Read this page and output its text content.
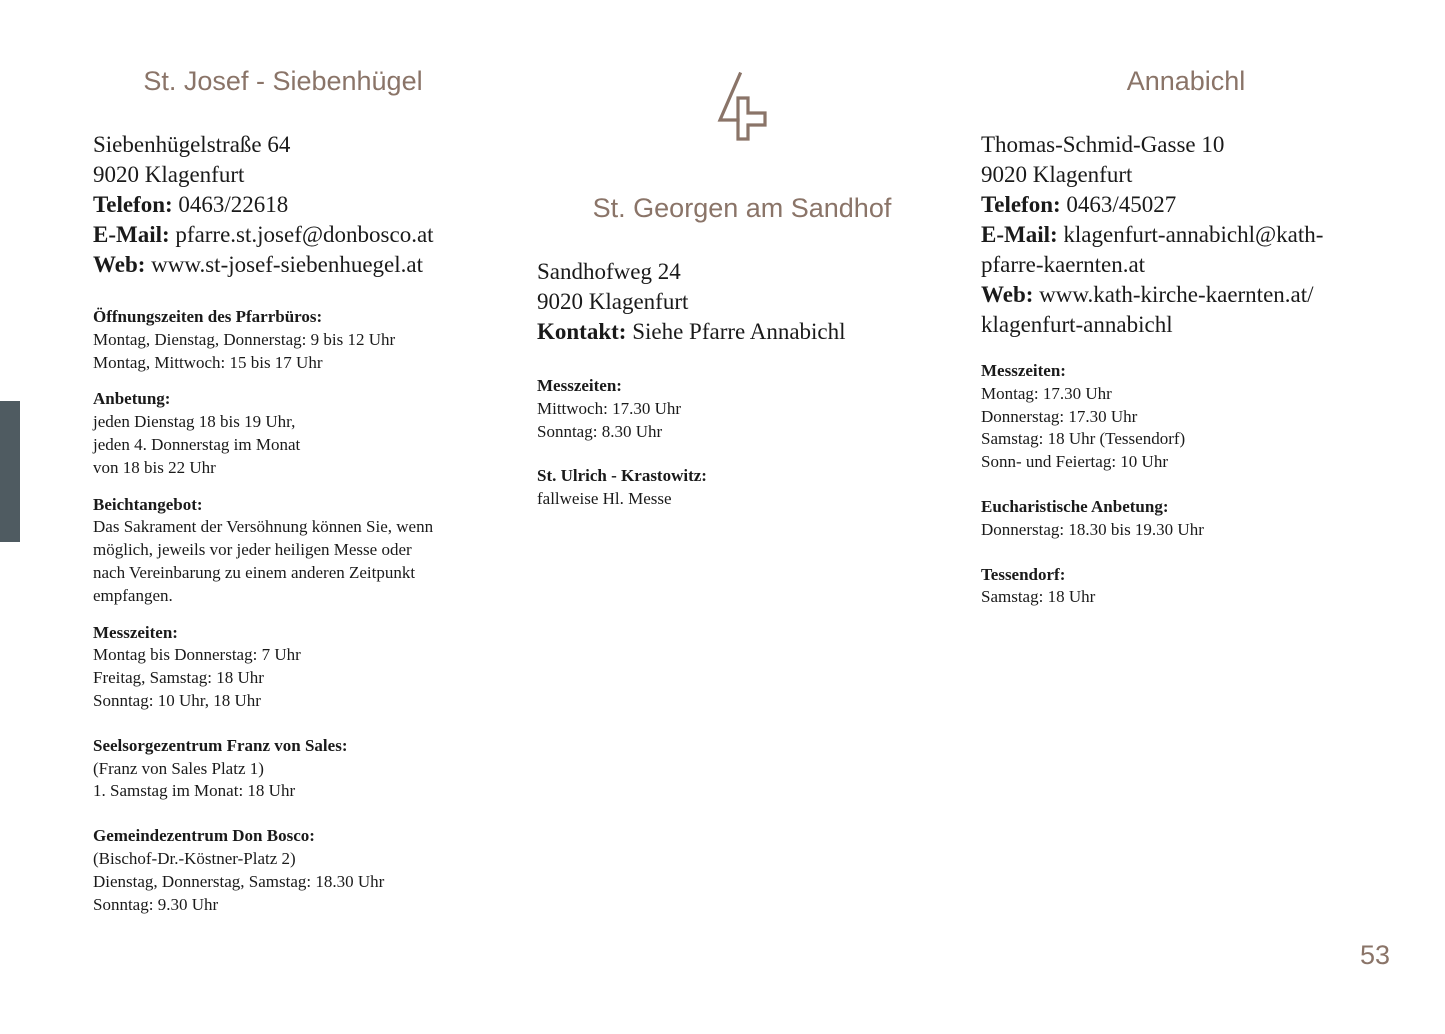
St. Josef - Siebenhügel
Siebenhügelstraße 64
9020 Klagenfurt
Telefon: 0463/22618
E-Mail: pfarre.st.josef@donbosco.at
Web: www.st-josef-siebenhuegel.at
Öffnungszeiten des Pfarrbüros:
Montag, Dienstag, Donnerstag: 9 bis 12 Uhr
Montag, Mittwoch: 15 bis 17 Uhr
Anbetung:
jeden Dienstag 18 bis 19 Uhr,
jeden 4. Donnerstag im Monat
von 18 bis 22 Uhr
Beichtangebot:
Das Sakrament der Versöhnung können Sie, wenn
möglich, jeweils vor jeder heiligen Messe oder
nach Vereinbarung zu einem anderen Zeitpunkt
empfangen.
Messzeiten:
Montag bis Donnerstag: 7 Uhr
Freitag, Samstag: 18 Uhr
Sonntag: 10 Uhr, 18 Uhr
Seelsorgezentrum Franz von Sales:
(Franz von Sales Platz 1)
1. Samstag im Monat: 18 Uhr
Gemeindezentrum Don Bosco:
(Bischof-Dr.-Köstner-Platz 2)
Dienstag, Donnerstag, Samstag: 18.30 Uhr
Sonntag: 9.30 Uhr
St. Georgen am Sandhof
Sandhofweg 24
9020 Klagenfurt
Kontakt: Siehe Pfarre Annabichl
Messzeiten:
Mittwoch: 17.30 Uhr
Sonntag: 8.30 Uhr
St. Ulrich - Krastowitz:
fallweise Hl. Messe
Annabichl
Thomas-Schmid-Gasse 10
9020 Klagenfurt
Telefon: 0463/45027
E-Mail: klagenfurt-annabichl@kath-
pfarre-kaernten.at
Web: www.kath-kirche-kaernten.at/
klagenfurt-annabichl
Messzeiten:
Montag: 17.30 Uhr
Donnerstag: 17.30 Uhr
Samstag: 18 Uhr (Tessendorf)
Sonn- und Feiertag: 10 Uhr
Eucharistische Anbetung:
Donnerstag: 18.30 bis 19.30 Uhr
Tessendorf:
Samstag: 18 Uhr
53
